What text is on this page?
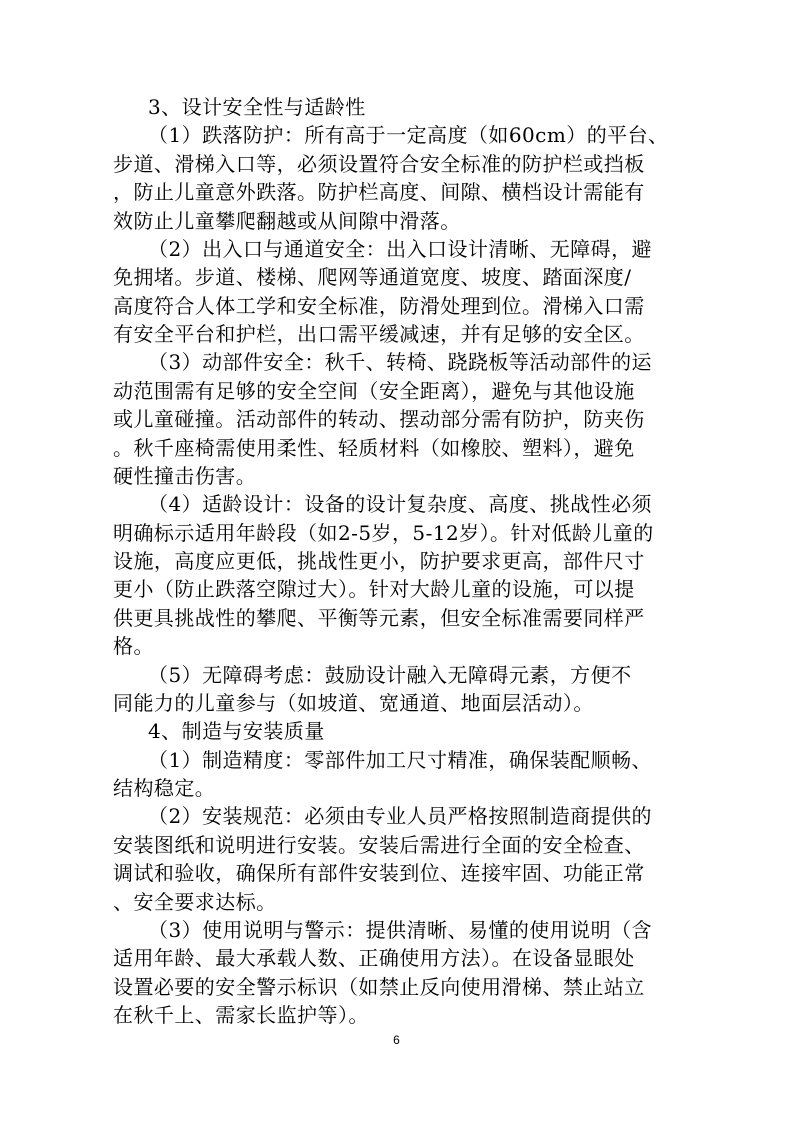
3、设计安全性与适龄性
（1）跌落防护：所有高于一定高度（如60cm）的平台、
步道、滑梯入口等，必须设置符合安全标准的防护栏或挡板
，防止儿童意外跌落。防护栏高度、间隙、横档设计需能有
效防止儿童攀爬翻越或从间隙中滑落。
（2）出入口与通道安全：出入口设计清晰、无障碍，避
免拥堵。步道、楼梯、爬网等通道宽度、坡度、踏面深度/
高度符合人体工学和安全标准，防滑处理到位。滑梯入口需
有安全平台和护栏，出口需平缓减速，并有足够的安全区。
（3）动部件安全：秋千、转椅、跷跷板等活动部件的运
动范围需有足够的安全空间（安全距离），避免与其他设施
或儿童碰撞。活动部件的转动、摆动部分需有防护，防夹伤
。秋千座椅需使用柔性、轻质材料（如橡胶、塑料），避免
硬性撞击伤害。
（4）适龄设计：设备的设计复杂度、高度、挑战性必须
明确标示适用年龄段（如2-5岁，5-12岁）。针对低龄儿童的
设施，高度应更低，挑战性更小，防护要求更高，部件尺寸
更小（防止跌落空隙过大）。针对大龄儿童的设施，可以提
供更具挑战性的攀爬、平衡等元素，但安全标准需要同样严
格。
（5）无障碍考虑：鼓励设计融入无障碍元素，方便不
同能力的儿童参与（如坡道、宽通道、地面层活动）。
4、制造与安装质量
（1）制造精度：零部件加工尺寸精准，确保装配顺畅、
结构稳定。
（2）安装规范：必须由专业人员严格按照制造商提供的
安装图纸和说明进行安装。安装后需进行全面的安全检查、
调试和验收，确保所有部件安装到位、连接牢固、功能正常
、安全要求达标。
（3）使用说明与警示：提供清晰、易懂的使用说明（含
适用年龄、最大承载人数、正确使用方法）。在设备显眼处
设置必要的安全警示标识（如禁止反向使用滑梯、禁止站立
在秋千上、需家长监护等）。
6
